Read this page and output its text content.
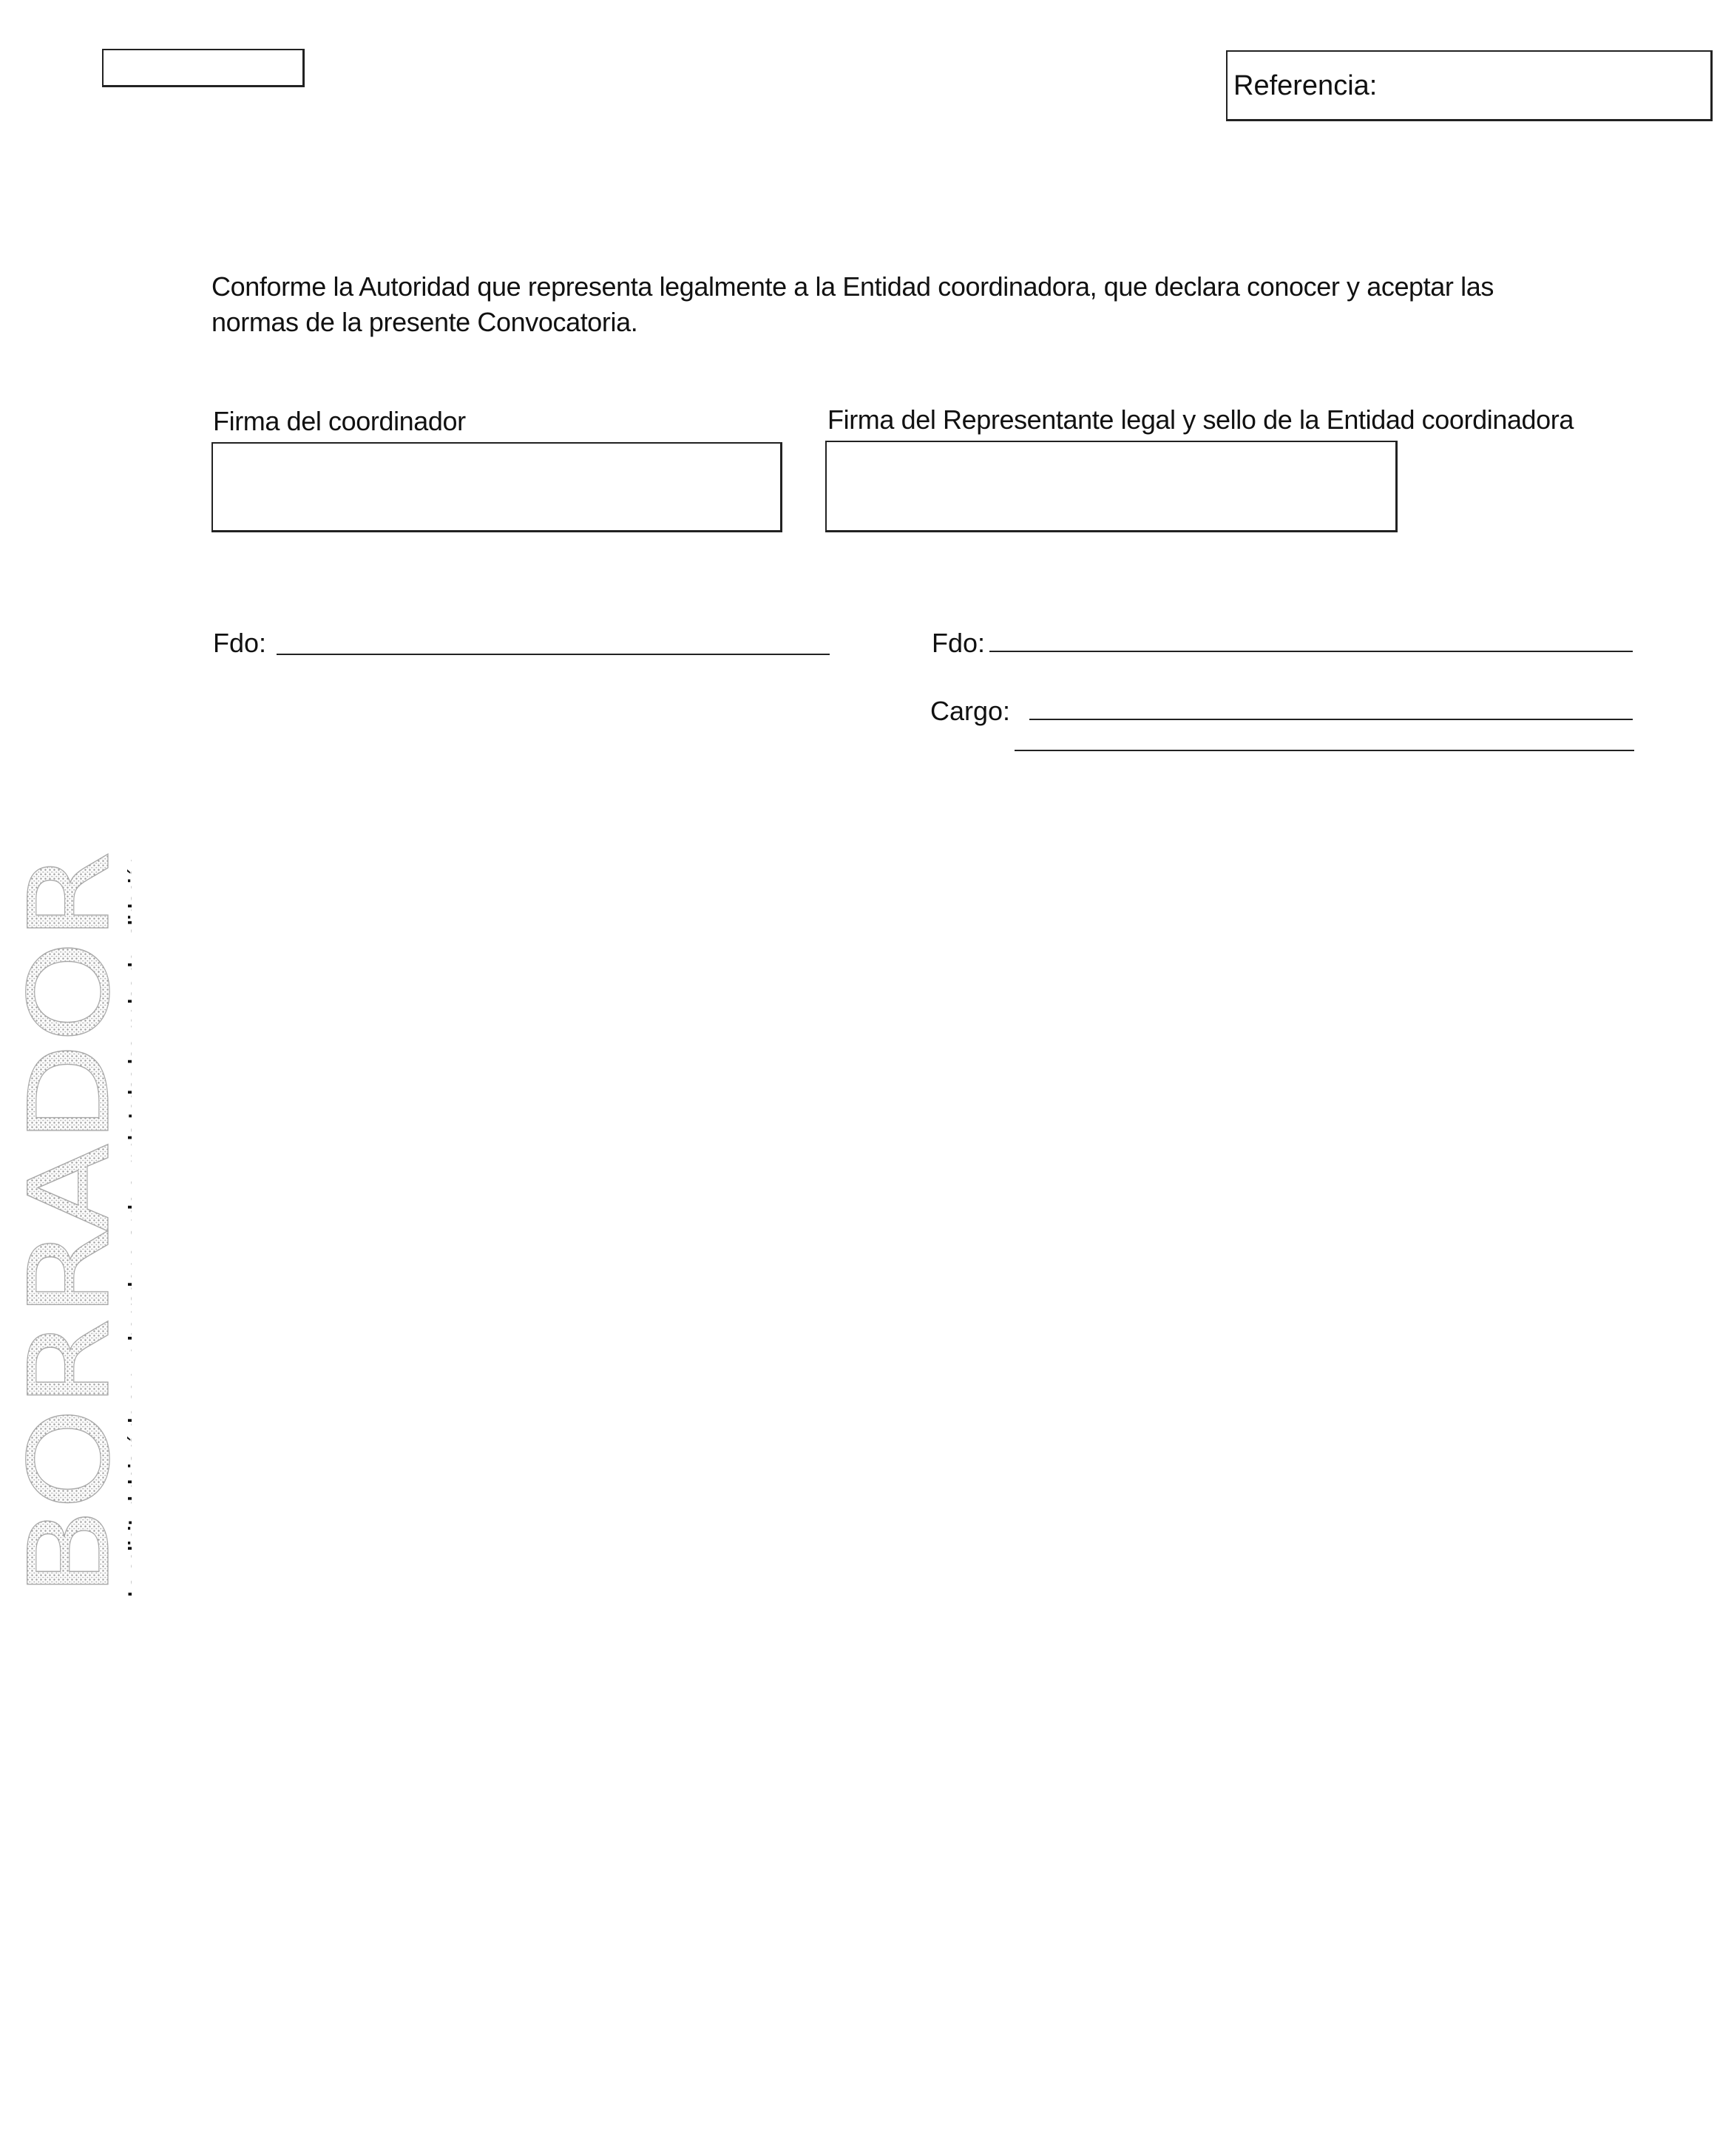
Referencia:
Conforme la Autoridad que representa legalmente a la Entidad coordinadora, que declara conocer y aceptar las normas de la presente Convocatoria.
Firma del coordinador	Firma del Representante legal y sello de la Entidad coordinadora
Fdo:	Fdo:
Cargo:
BORRADOR
La solicitud dejará de ser un borrador cuando cumpla todas las reglas de validación.
